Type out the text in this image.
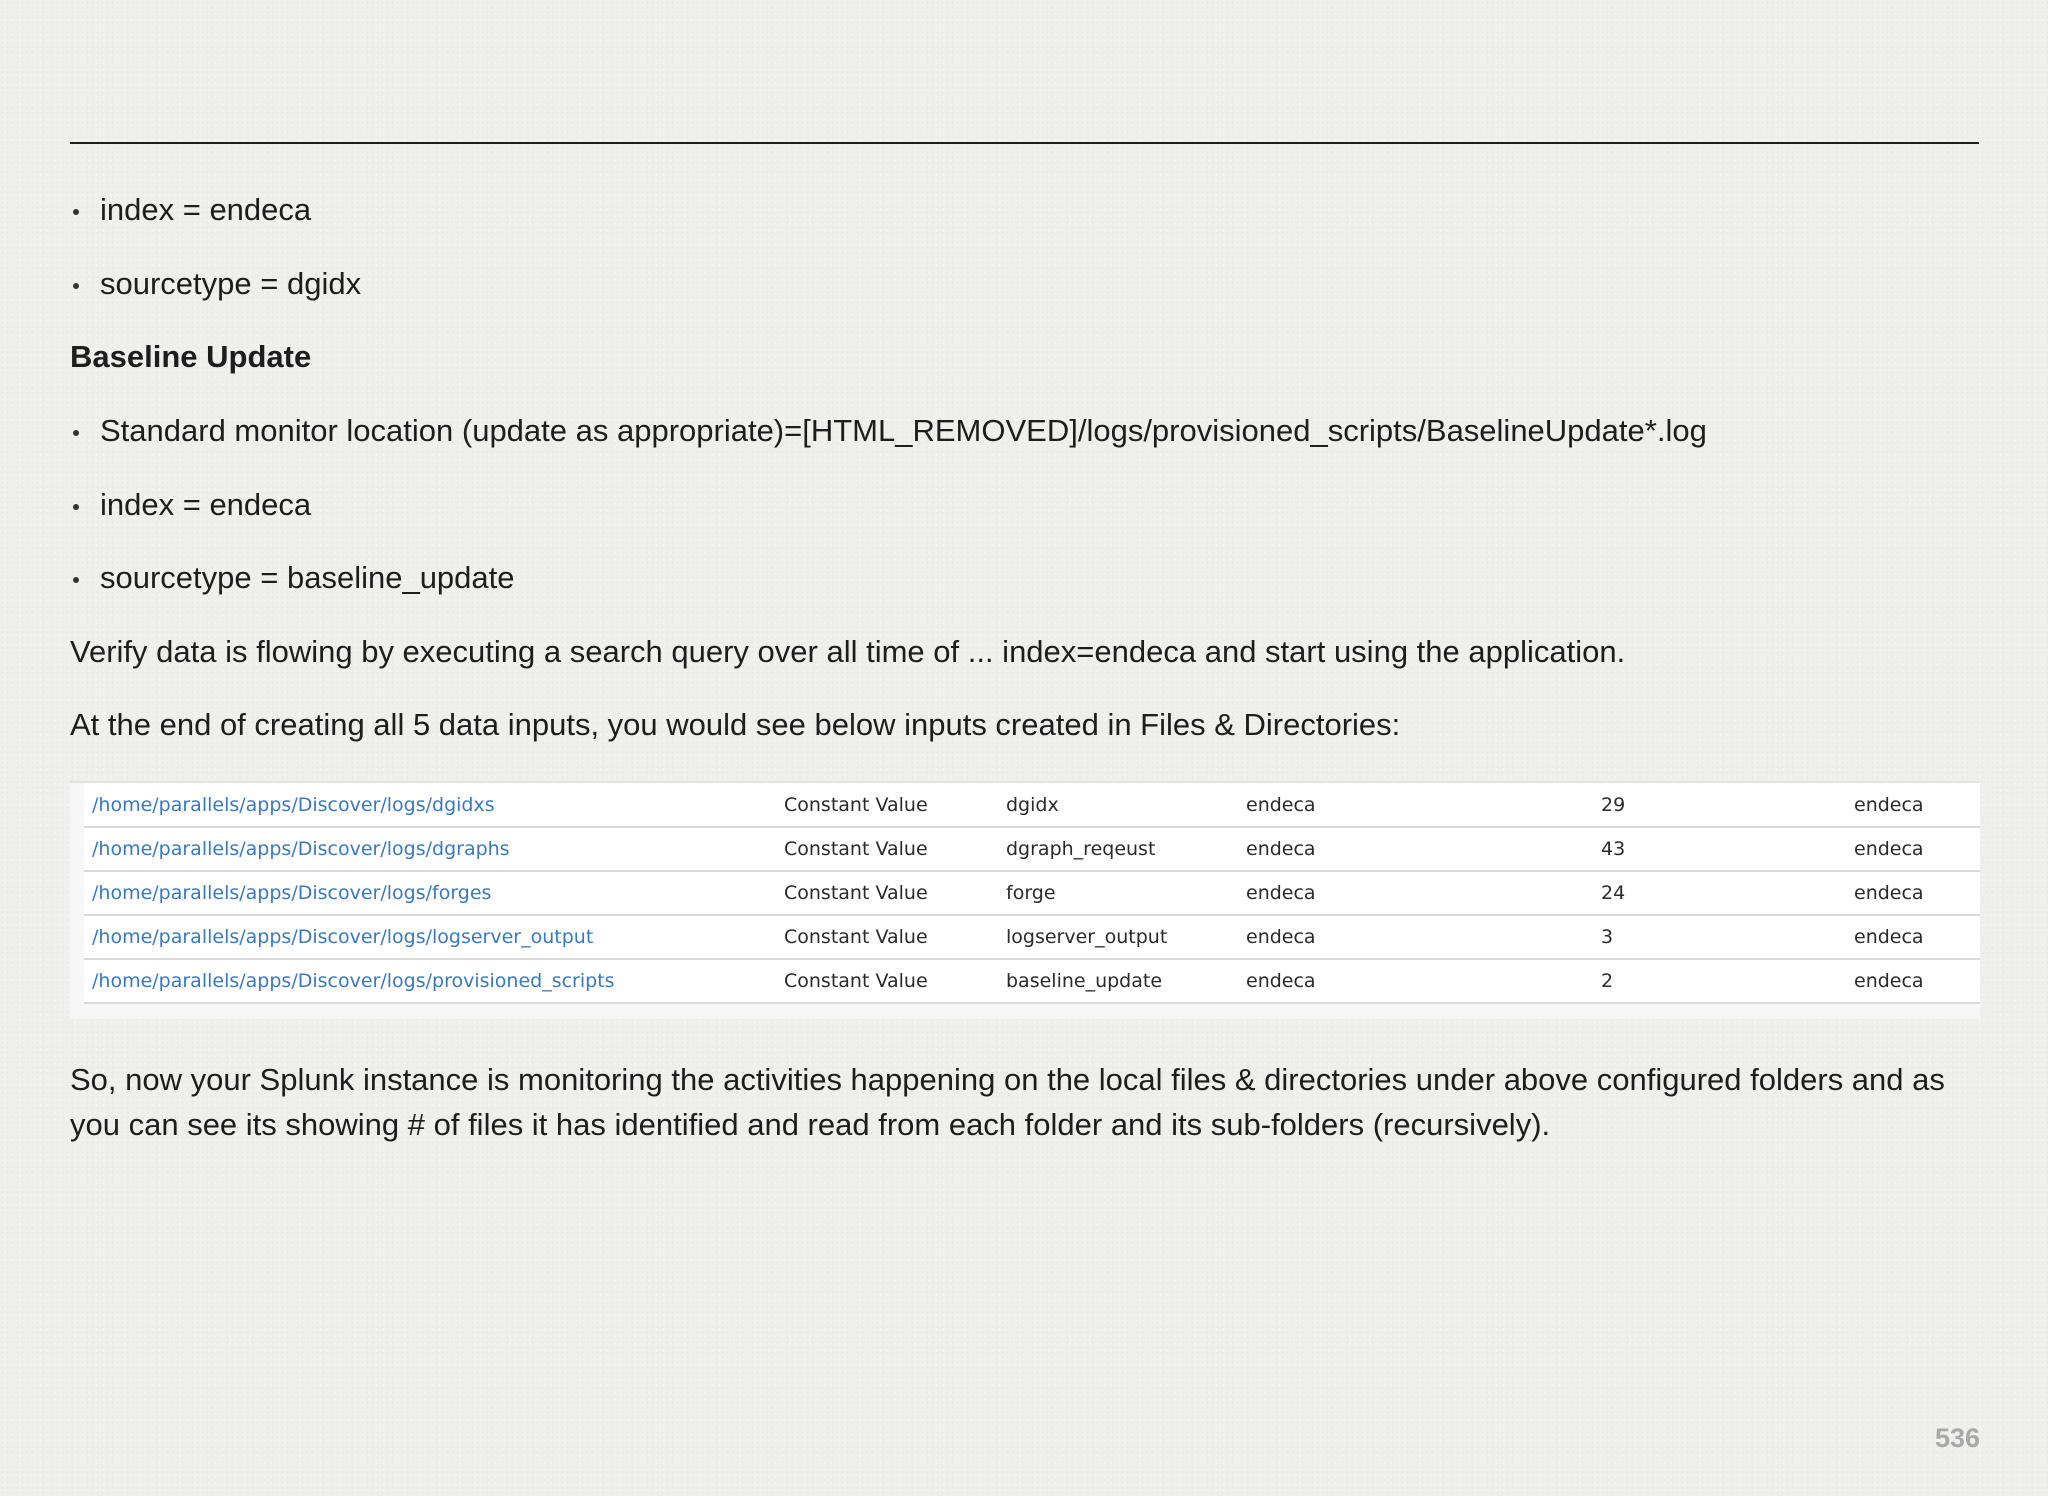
index = endeca
sourcetype = dgidx
Baseline Update
Standard monitor location (update as appropriate)=[HTML_REMOVED]/logs/provisioned_scripts/BaselineUpdate*.log
index = endeca
sourcetype = baseline_update
Verify data is flowing by executing a search query over all time of ... index=endeca and start using the application.
At the end of creating all 5 data inputs, you would see below inputs created in Files & Directories:
/home/parallels/apps/Discover/logs/dgidxs	Constant Value	dgidx	endeca	29	endeca
/home/parallels/apps/Discover/logs/dgraphs	Constant Value	dgraph_reqeust	endeca	43	endeca
/home/parallels/apps/Discover/logs/forges	Constant Value	forge	endeca	24	endeca
/home/parallels/apps/Discover/logs/logserver_output	Constant Value	logserver_output	endeca	3	endeca
/home/parallels/apps/Discover/logs/provisioned_scripts	Constant Value	baseline_update	endeca	2	endeca
So, now your Splunk instance is monitoring the activities happening on the local files & directories under above configured folders and as you can see its showing # of files it has identified and read from each folder and its sub-folders (recursively).
536
